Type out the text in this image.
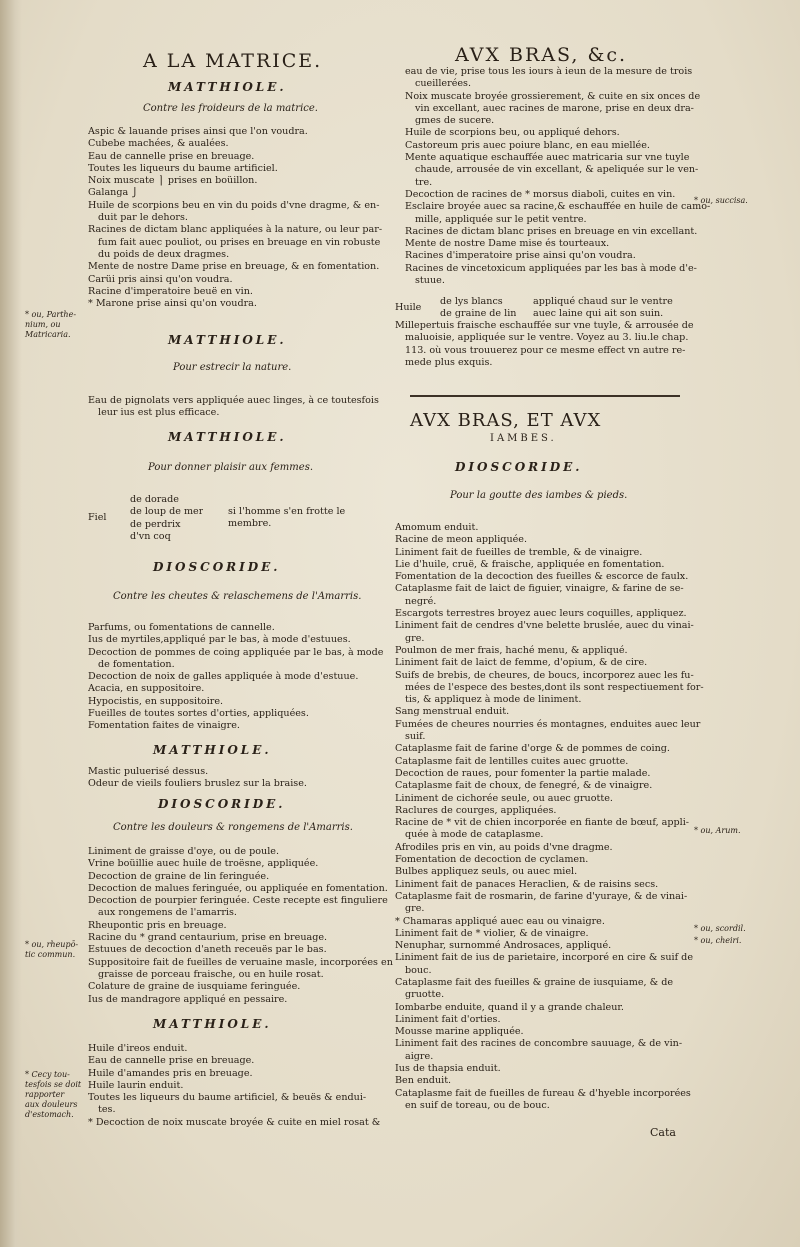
A LA MATRICE.
MATTHIOLE.
Contre les froideurs de la matrice.
Aspic & lauande prises ainsi que l'on voudra.
Cubebe machées, & aualées.
Eau de cannelle prise en breuage.
Toutes les liqueurs du baume artificiel.
Noix muscate ⎫ prises en boüillon.
Galanga ⎭
Huile de scorpions beu en vin du poids d'vne dragme, & en-
duit par le dehors.
Racines de dictam blanc appliquées à la nature, ou leur par-
fum fait auec pouliot, ou prises en breuage en vin robuste
du poids de deux dragmes.
Mente de nostre Dame prise en breuage, & en fomentation.
Carüi pris ainsi qu'on voudra.
Racine d'imperatoire beuë en vin.
* Marone prise ainsi qu'on voudra.
MATTHIOLE.
Pour estrecir la nature.
Eau de pignolats vers appliquée auec linges, à ce toutesfois
leur ius est plus efficace.
MATTHIOLE.
Pour donner plaisir aux femmes.
Fiel
de dorade
de loup de mer
de perdrix
d'vn coq
si l'homme s'en frotte le
membre.
DIOSCORIDE.
Contre les cheutes & relaschemens de l'Amarris.
Parfums, ou fomentations de cannelle.
Ius de myrtiles,appliqué par le bas, à mode d'estuues.
Decoction de pommes de coing appliquée par le bas, à mode
de fomentation.
Decoction de noix de galles appliquée à mode d'estuue.
Acacia, en suppositoire.
Hypocistis, en suppositoire.
Fueilles de toutes sortes d'orties, appliquées.
Fomentation faites de vinaigre.
MATTHIOLE.
Mastic puluerisé dessus.
Odeur de vieils fouliers bruslez sur la braise.
DIOSCORIDE.
Contre les douleurs & rongemens de l'Amarris.
Liniment de graisse d'oye, ou de poule.
Vrine boüillie auec huile de troësne, appliquée.
Decoction de graine de lin feringuée.
Decoction de malues feringuée, ou appliquée en fomentation.
Decoction de pourpier feringuée. Ceste recepte est finguliere
aux rongemens de l'amarris.
Rheupontic pris en breuage.
Racine du * grand centaurium, prise en breuage.
Estuues de decoction d'aneth receuës par le bas.
Suppositoire fait de fueilles de veruaine masle, incorporées en
graisse de porceau fraische, ou en huile rosat.
Colature de graine de iusquiame feringuée.
Ius de mandragore appliqué en pessaire.
MATTHIOLE.
Huile d'ireos enduit.
Eau de cannelle prise en breuage.
Huile d'amandes pris en breuage.
Huile laurin enduit.
Toutes les liqueurs du baume artificiel, & beuës & endui-
tes.
* Decoction de noix muscate broyée & cuite en miel rosat &
* ou, Parthe-
nium, ou
Matricaria.
* ou, rheupō-
tic commun.
* Cecy tou-
tesfois se doit
rapporter
aux douleurs
d'estomach.
AVX BRAS, &c.
eau de vie, prise tous les iours à ieun de la mesure de trois
cueillerées.
Noix muscate broyée grossierement, & cuite en six onces de
vin excellant, auec racines de marone, prise en deux dra-
gmes de sucere.
Huile de scorpions beu, ou appliqué dehors.
Castoreum pris auec poiure blanc, en eau miellée.
Mente aquatique eschauffée auec matricaria sur vne tuyle
chaude, arrousée de vin excellant, & apeliquée sur le ven-
tre.
Decoction de racines de * morsus diaboli, cuites en vin.
Esclaire broyée auec sa racine,& eschauffée en huile de camo-
mille, appliquée sur le petit ventre.
Racines de dictam blanc prises en breuage en vin excellant.
Mente de nostre Dame mise és tourteaux.
Racines d'imperatoire prise ainsi qu'on voudra.
Racines de vincetoxicum appliquées par les bas à mode d'e-
stuue.
Huile
de lys blancs
de graine de lin
appliqué chaud sur le ventre
auec laine qui ait son suin.
Millepertuis fraische eschauffée sur vne tuyle, & arrousée de
maluoisie, appliquée sur le ventre. Voyez au 3. liu.le chap.
113. où vous trouuerez pour ce mesme effect vn autre re-
mede plus exquis.
AVX BRAS, ET AVX
IAMBES.
DIOSCORIDE.
Pour la goutte des iambes & pieds.
Amomum enduit.
Racine de meon appliquée.
Liniment fait de fueilles de tremble, & de vinaigre.
Lie d'huile, cruë, & fraische, appliquée en fomentation.
Fomentation de la decoction des fueilles & escorce de faulx.
Cataplasme fait de laict de figuier, vinaigre, & farine de se-
negré.
Escargots terrestres broyez auec leurs coquilles, appliquez.
Liniment fait de cendres d'vne belette bruslée, auec du vinai-
gre.
Poulmon de mer frais, haché menu, & appliqué.
Liniment fait de laict de femme, d'opium, & de cire.
Suifs de brebis, de cheures, de boucs, incorporez auec les fu-
mées de l'espece des bestes,dont ils sont respectiuement for-
tis, & appliquez à mode de liniment.
Sang menstrual enduit.
Fumées de cheures nourries és montagnes, enduites auec leur
suif.
Cataplasme fait de farine d'orge & de pommes de coing.
Cataplasme fait de lentilles cuites auec gruotte.
Decoction de raues, pour fomenter la partie malade.
Cataplasme fait de choux, de fenegré, & de vinaigre.
Liniment de cichorée seule, ou auec gruotte.
Raclures de courges, appliquées.
Racine de * vit de chien incorporée en fiante de bœuf, appli-
quée à mode de cataplasme.
Afrodiles pris en vin, au poids d'vne dragme.
Fomentation de decoction de cyclamen.
Bulbes appliquez seuls, ou auec miel.
Liniment fait de panaces Heraclien, & de raisins secs.
Cataplasme fait de rosmarin, de farine d'yuraye, & de vinai-
gre.
* Chamaras appliqué auec eau ou vinaigre.
Liniment fait de * violier, & de vinaigre.
Nenuphar, surnommé Androsaces, appliqué.
Liniment fait de ius de parietaire, incorporé en cire & suif de
bouc.
Cataplasme fait des fueilles & graine de iusquiame, & de
gruotte.
Iombarbe enduite, quand il y a grande chaleur.
Liniment fait d'orties.
Mousse marine appliquée.
Liniment fait des racines de concombre sauuage, & de vin-
aigre.
Ius de thapsia enduit.
Ben enduit.
Cataplasme fait de fueilles de fureau & d'hyeble incorporées
en suif de toreau, ou de bouc.
* ou, succisa.
* ou, Arum.
* ou, scordil.
* ou, cheiri.
Cata
